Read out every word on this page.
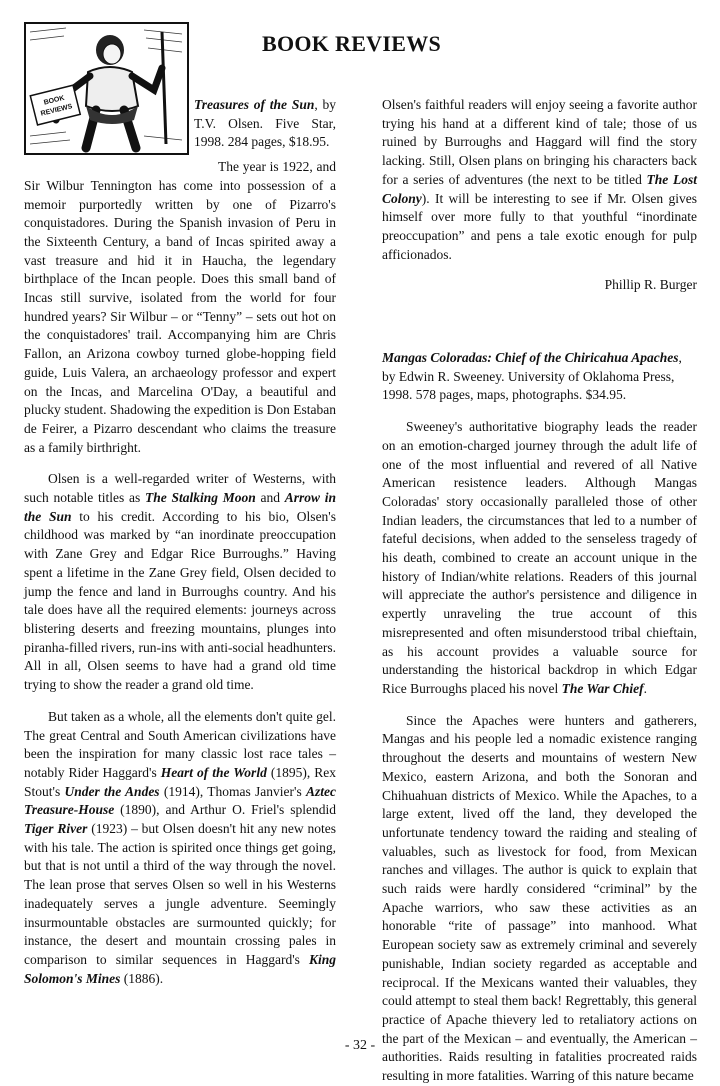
BOOK REVIEWS
BOOK
REVIEWS	Treasures of the Sun, by T.V. Olsen. Five Star, 1998. 284 pages, $18.95.

The year is 1922, and Sir Wilbur Tennington has come into possession of a memoir purportedly written by one of Pizarro's conquistadores. During the Spanish invasion of Peru in the Sixteenth Century, a band of Incas spirited away a vast treasure and hid it in Haucha, the legendary birthplace of the Incan people. Does this small band of Incas still survive, isolated from the world for four hundred years? Sir Wilbur – or “Tenny” – sets out hot on the conquistadores' trail. Accompanying him are Chris Fallon, an Arizona cowboy turned globe-hopping field guide, Luis Valera, an archaeology professor and expert on the Incas, and Marcelina O'Day, a beautiful and plucky student. Shadowing the expedition is Don Estaban de Feirer, a Pizarro descendant who claims the treasure as a family birthright.

Olsen is a well-regarded writer of Westerns, with such notable titles as The Stalking Moon and Arrow in the Sun to his credit. According to his bio, Olsen's childhood was marked by “an inordinate preoccupation with Zane Grey and Edgar Rice Burroughs.” Having spent a lifetime in the Zane Grey field, Olsen decided to jump the fence and land in Burroughs country. And his tale does have all the required elements: journeys across blistering deserts and freezing mountains, plunges into piranha-filled rivers, run-ins with anti-social headhunters. All in all, Olsen seems to have had a grand old time trying to show the reader a grand old time.

But taken as a whole, all the elements don't quite gel. The great Central and South American civilizations have been the inspiration for many classic lost race tales – notably Rider Haggard's Heart of the World (1895), Rex Stout's Under the Andes (1914), Thomas Janvier's Aztec Treasure-House (1890), and Arthur O. Friel's splendid Tiger River (1923) – but Olsen doesn't hit any new notes with his tale. The action is spirited once things get going, but that is not until a third of the way through the novel. The lean prose that serves Olsen so well in his Westerns inadequately serves a jungle adventure. Seemingly insurmountable obstacles are surmounted quickly; for instance, the desert and mountain crossing pales in comparison to similar sequences in Haggard's King Solomon's Mines (1886).

Olsen's faithful readers will enjoy seeing a favorite author trying his hand at a different kind of tale; those of us ruined by Burroughs and Haggard will find the story lacking. Still, Olsen plans on bringing his characters back for a series of adventures (the next to be titled The Lost Colony). It will be interesting to see if Mr. Olsen gives himself over more fully to that youthful “inordinate preoccupation” and pens a tale exotic enough for pulp afficionados.

Phillip R. Burger

Mangas Coloradas: Chief of the Chiricahua Apaches, by Edwin R. Sweeney. University of Oklahoma Press, 1998. 578 pages, maps, photographs. $34.95.

Sweeney's authoritative biography leads the reader on an emotion-charged journey through the adult life of one of the most influential and revered of all Native American resistence leaders. Although Mangas Coloradas' story occasionally paralleled those of other Indian leaders, the circumstances that led to a number of fateful decisions, when added to the senseless tragedy of his death, combined to create an account unique in the history of Indian/white relations. Readers of this journal will appreciate the author's persistence and diligence in expertly unraveling the true account of this misrepresented and often misunderstood tribal chieftain, as his account provides a valuable source for understanding the historical backdrop in which Edgar Rice Burroughs placed his novel The War Chief.

Since the Apaches were hunters and gatherers, Mangas and his people led a nomadic existence ranging throughout the deserts and mountains of western New Mexico, eastern Arizona, and both the Sonoran and Chihuahuan districts of Mexico. While the Apaches, to a large extent, lived off the land, they developed the unfortunate tendency toward the raiding and stealing of valuables, such as livestock for food, from Mexican ranches and villages. The author is quick to explain that such raids were hardly considered “criminal” by the Apache warriors, who saw these activities as an honorable “rite of passage” into manhood. What European society saw as extremely criminal and severely punishable, Indian society regarded as acceptable and reciprocal. If the Mexicans wanted their valuables, they could attempt to steal them back! Regrettably, this general practice of Apache thievery led to retaliatory actions on the part of the Mexican – and eventually, the American – authorities. Raids resulting in fatalities procreated raids resulting in more fatalities. Warring of this nature became

- 32 -
